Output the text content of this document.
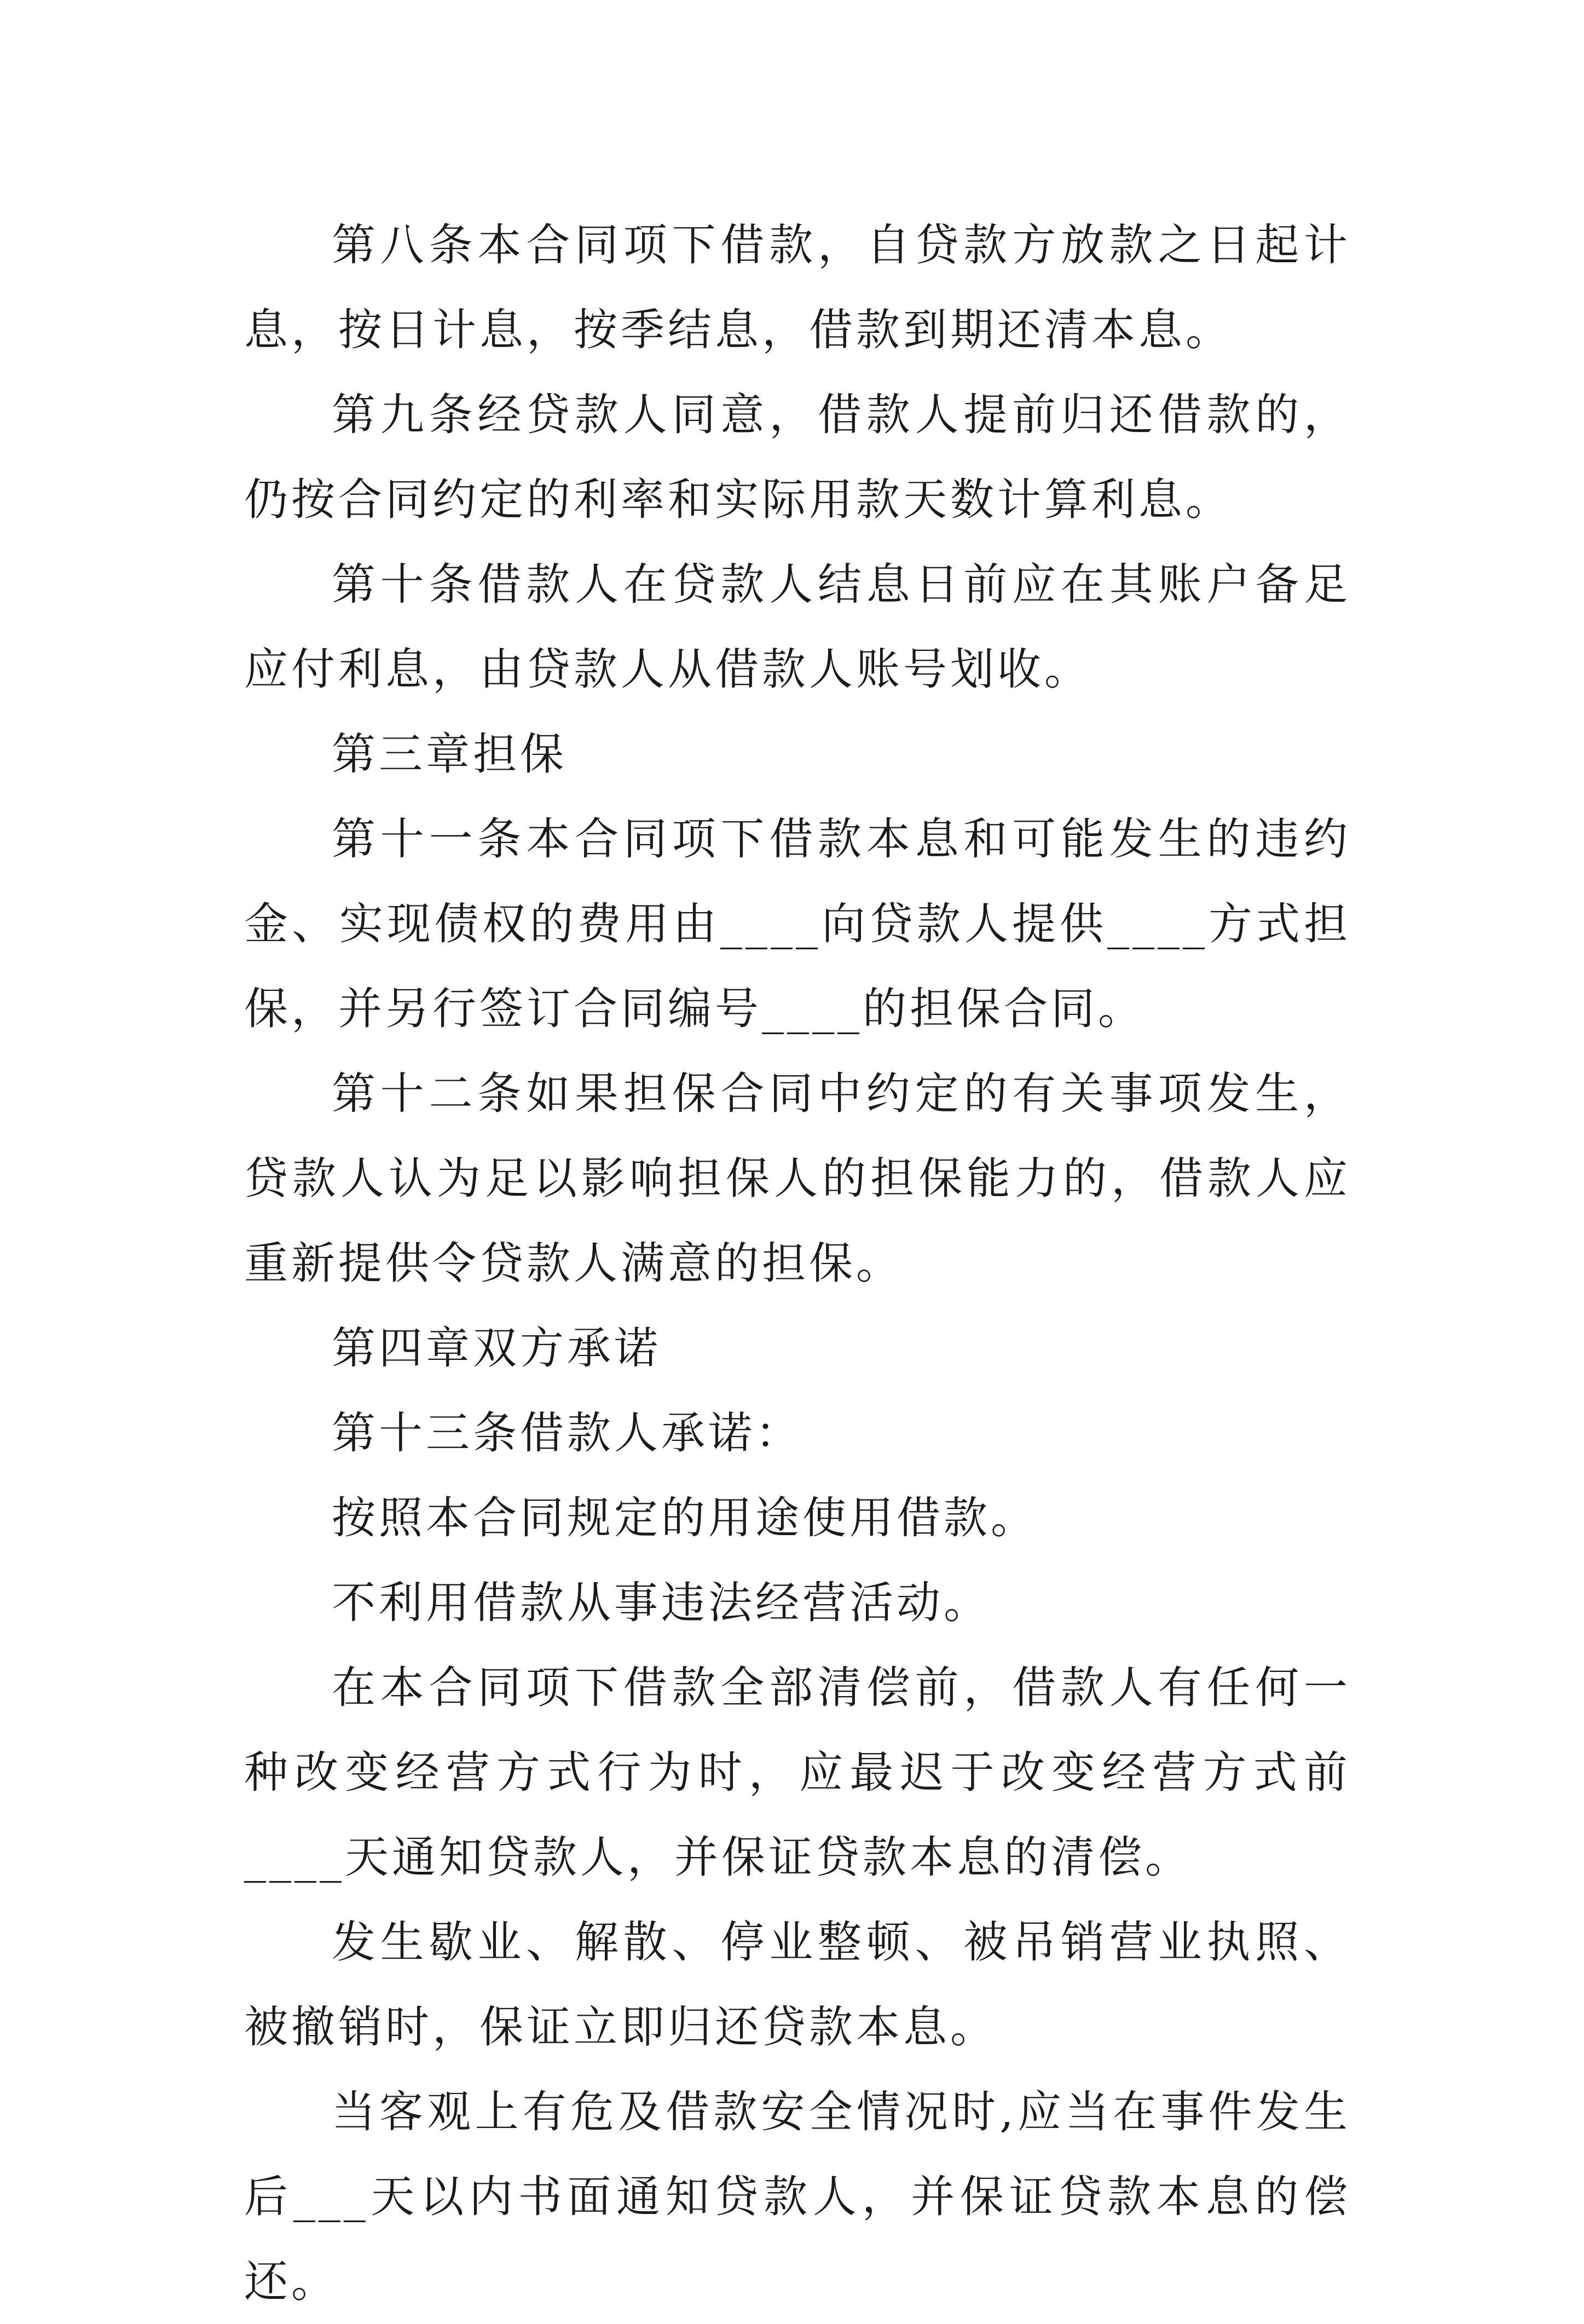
第八条本合同项下借款，自贷款方放款之日起计息，按日计息，按季结息，借款到期还清本息。

第九条经贷款人同意，借款人提前归还借款的，仍按合同约定的利率和实际用款天数计算利息。

第十条借款人在贷款人结息日前应在其账户备足应付利息，由贷款人从借款人账号划收。

第三章担保

第十一条本合同项下借款本息和可能发生的违约金、实现债权的费用由____向贷款人提供____方式担保，并另行签订合同编号____的担保合同。

第十二条如果担保合同中约定的有关事项发生，贷款人认为足以影响担保人的担保能力的，借款人应重新提供令贷款人满意的担保。

第四章双方承诺

第十三条借款人承诺：

按照本合同规定的用途使用借款。

不利用借款从事违法经营活动。

在本合同项下借款全部清偿前，借款人有任何一种改变经营方式行为时，应最迟于改变经营方式前____天通知贷款人，并保证贷款本息的清偿。

发生歇业、解散、停业整顿、被吊销营业执照、被撤销时，保证立即归还贷款本息。

当客观上有危及借款安全情况时,应当在事件发生后___天以内书面通知贷款人，并保证贷款本息的偿还。
